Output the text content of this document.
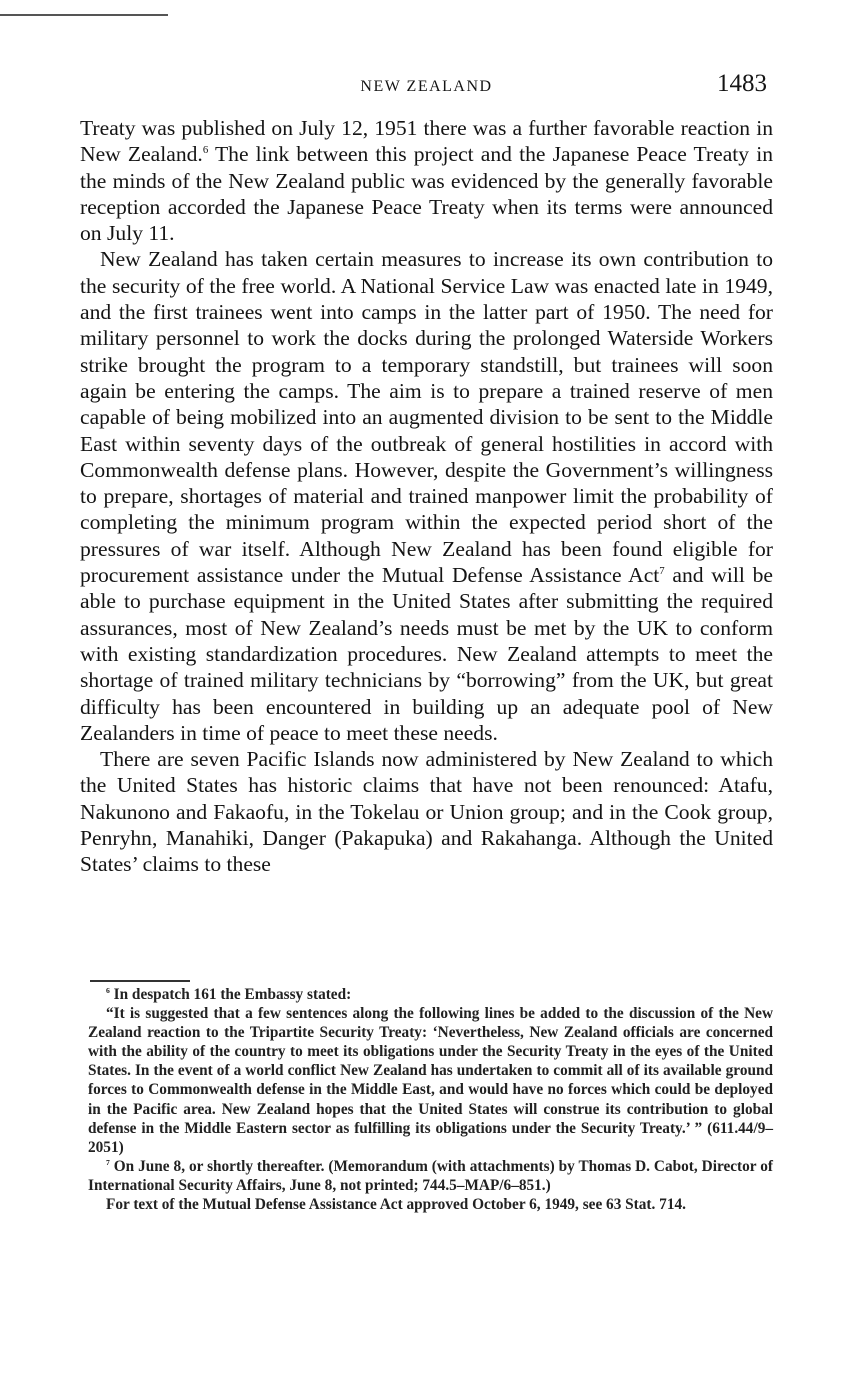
NEW ZEALAND	1483

Treaty was published on July 12, 1951 there was a further favorable reaction in New Zealand.$^6$ The link between this project and the Japanese Peace Treaty in the minds of the New Zealand public was evidenced by the generally favorable reception accorded the Japanese Peace Treaty when its terms were announced on July 11.

New Zealand has taken certain measures to increase its own contribution to the security of the free world. A National Service Law was enacted late in 1949, and the first trainees went into camps in the latter part of 1950. The need for military personnel to work the docks during the prolonged Waterside Workers strike brought the program to a temporary standstill, but trainees will soon again be entering the camps. The aim is to prepare a trained reserve of men capable of being mobilized into an augmented division to be sent to the Middle East within seventy days of the outbreak of general hostilities in accord with Commonwealth defense plans. However, despite the Government’s willingness to prepare, shortages of material and trained manpower limit the probability of completing the minimum program within the expected period short of the pressures of war itself. Although New Zealand has been found eligible for procurement assistance under the Mutual Defense Assistance Act$^7$ and will be able to purchase equipment in the United States after submitting the required assurances, most of New Zealand’s needs must be met by the UK to conform with existing standardization procedures. New Zealand attempts to meet the shortage of trained military technicians by “borrowing” from the UK, but great difficulty has been encountered in building up an adequate pool of New Zealanders in time of peace to meet these needs.

There are seven Pacific Islands now administered by New Zealand to which the United States has historic claims that have not been renounced: Atafu, Nakunono and Fakaofu, in the Tokelau or Union group; and in the Cook group, Penryhn, Manahiki, Danger (Pakapuka) and Rakahanga. Although the United States’ claims to these

$^6$ In despatch 161 the Embassy stated:

“It is suggested that a few sentences along the following lines be added to the discussion of the New Zealand reaction to the Tripartite Security Treaty: ‘Nevertheless, New Zealand officials are concerned with the ability of the country to meet its obligations under the Security Treaty in the eyes of the United States. In the event of a world conflict New Zealand has undertaken to commit all of its available ground forces to Commonwealth defense in the Middle East, and would have no forces which could be deployed in the Pacific area. New Zealand hopes that the United States will construe its contribution to global defense in the Middle Eastern sector as fulfilling its obligations under the Security Treaty.’ ” (611.44/9–2051)

$^7$ On June 8, or shortly thereafter. (Memorandum (with attachments) by Thomas D. Cabot, Director of International Security Affairs, June 8, not printed; 744.5–MAP/6–851.)

For text of the Mutual Defense Assistance Act approved October 6, 1949, see 63 Stat. 714.
